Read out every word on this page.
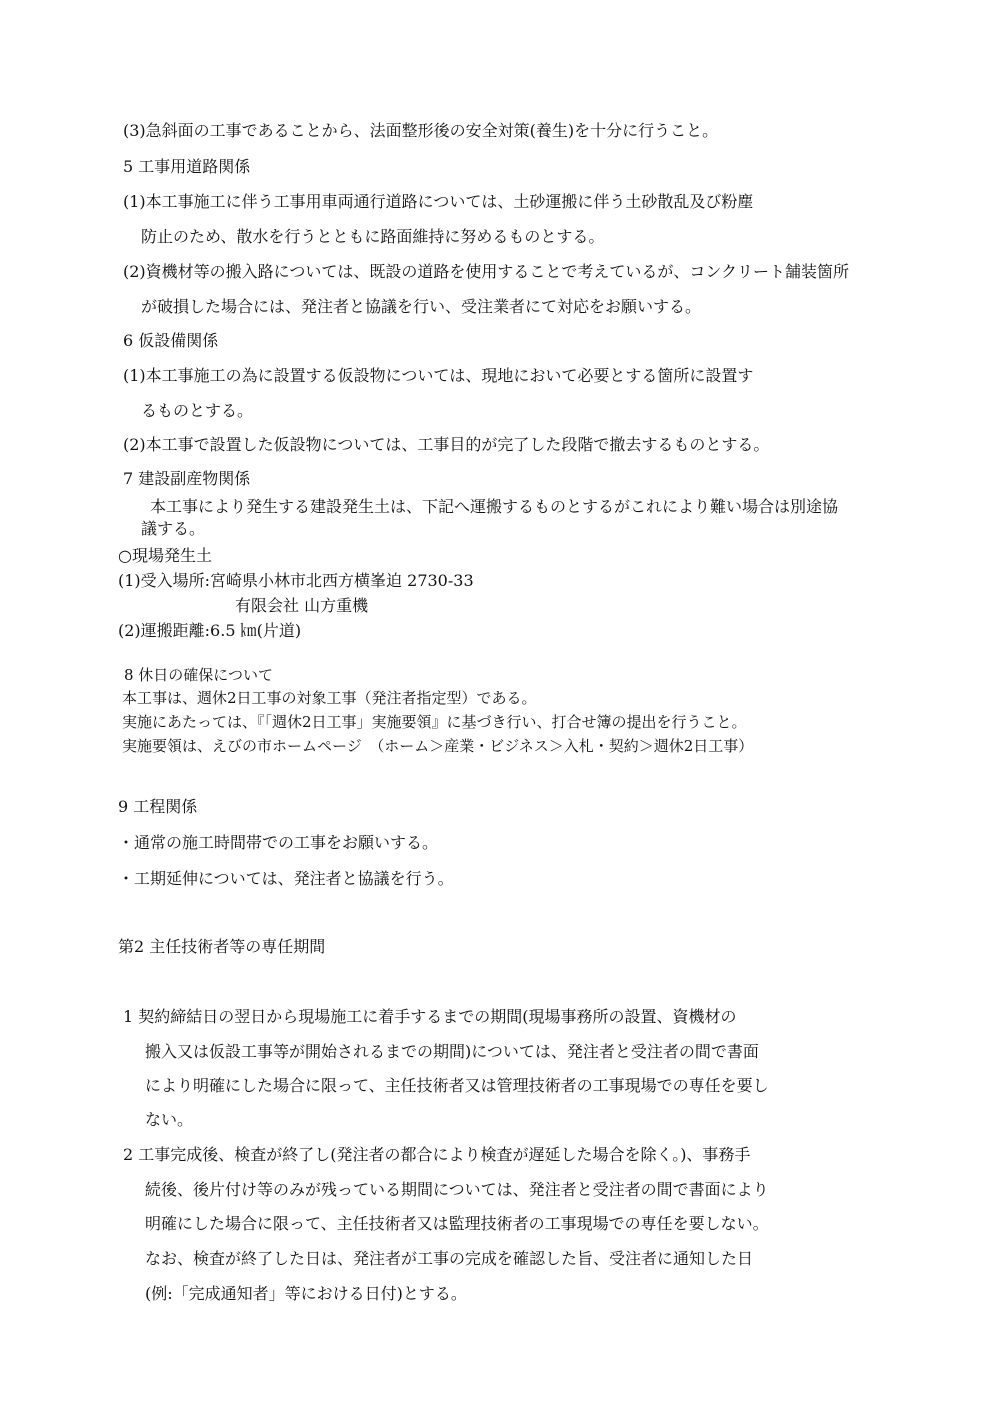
(3)急斜面の工事であることから、法面整形後の安全対策(養生)を十分に行うこと。
5 工事用道路関係
(1)本工事施工に伴う工事用車両通行道路については、土砂運搬に伴う土砂散乱及び粉塵
防止のため、散水を行うとともに路面維持に努めるものとする。
(2)資機材等の搬入路については、既設の道路を使用することで考えているが、コンクリート舗装箇所
が破損した場合には、発注者と協議を行い、受注業者にて対応をお願いする。
6 仮設備関係
(1)本工事施工の為に設置する仮設物については、現地において必要とする箇所に設置す
るものとする。
(2)本工事で設置した仮設物については、工事目的が完了した段階で撤去するものとする。
7 建設副産物関係
本工事により発生する建設発生土は、下記へ運搬するものとするがこれにより難い場合は別途協
議する。
○現場発生土
(1)受入場所:宮崎県小林市北西方横峯迫 2730-33
有限会社 山方重機
(2)運搬距離:6.5 ㎞(片道)
8 休日の確保について
本工事は、週休2日工事の対象工事（発注者指定型）である。
実施にあたっては、『「週休2日工事」実施要領』に基づき行い、打合せ簿の提出を行うこと。
実施要領は、えびの市ホームページ　（ホーム＞産業・ビジネス＞入札・契約＞週休2日工事）
9 工程関係
・通常の施工時間帯での工事をお願いする。
・工期延伸については、発注者と協議を行う。
第2 主任技術者等の専任期間
1 契約締結日の翌日から現場施工に着手するまでの期間(現場事務所の設置、資機材の
搬入又は仮設工事等が開始されるまでの期間)については、発注者と受注者の間で書面
により明確にした場合に限って、主任技術者又は管理技術者の工事現場での専任を要し
ない。
2 工事完成後、検査が終了し(発注者の都合により検査が遅延した場合を除く。)、事務手
続後、後片付け等のみが残っている期間については、発注者と受注者の間で書面により
明確にした場合に限って、主任技術者又は監理技術者の工事現場での専任を要しない。
なお、検査が終了した日は、発注者が工事の完成を確認した旨、受注者に通知した日
(例:「完成通知者」等における日付)とする。
